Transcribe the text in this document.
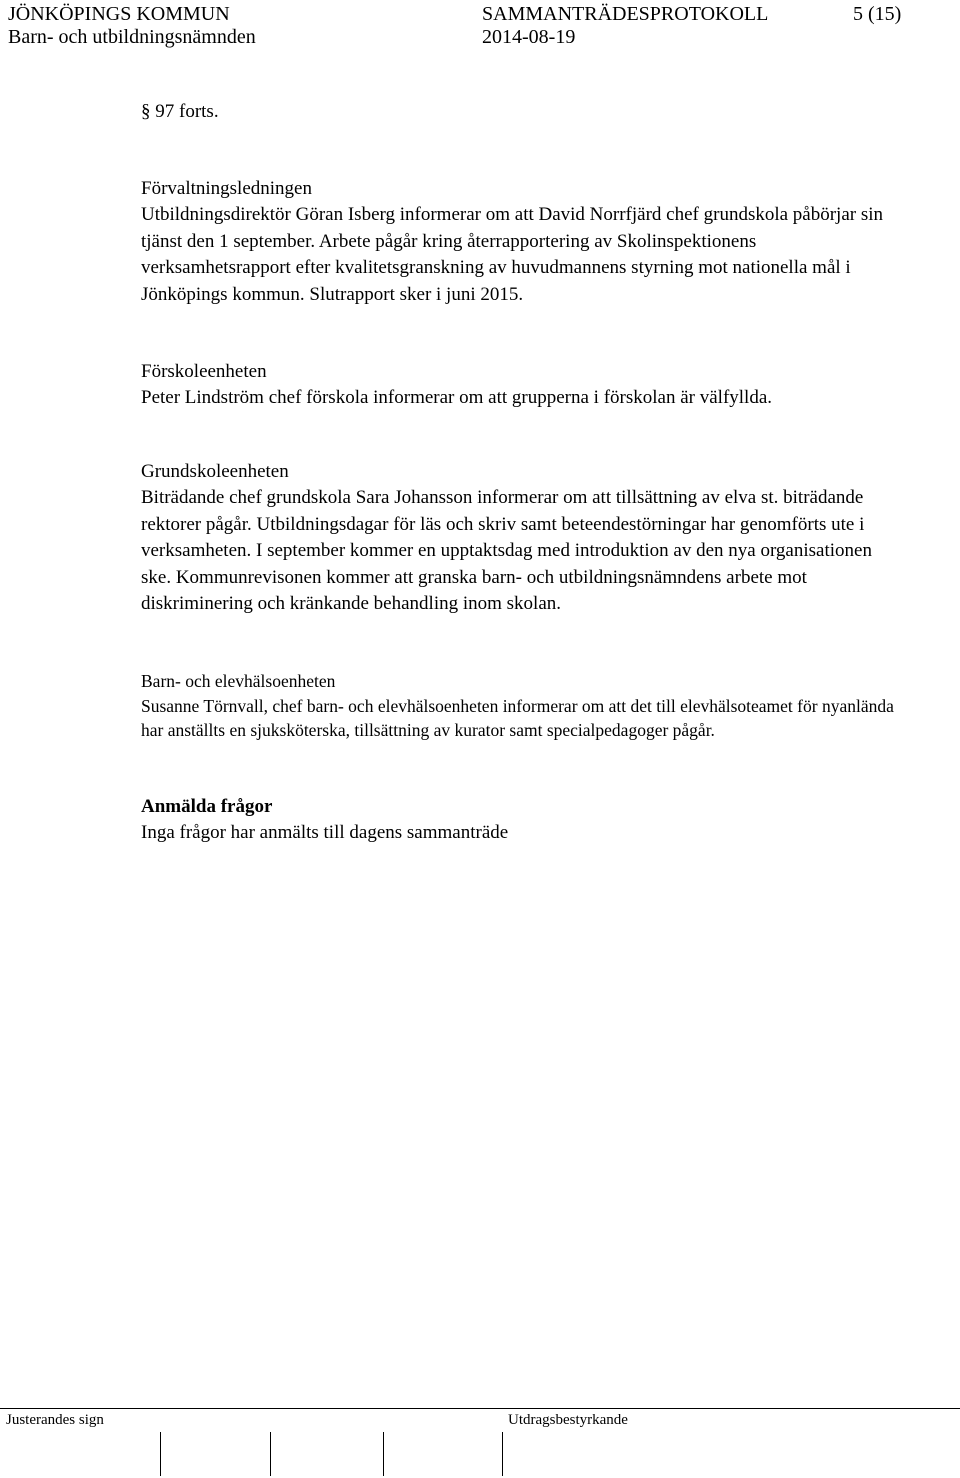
JÖNKÖPINGS KOMMUN	SAMMANTRÄDESPROTOKOLL	5 (15)
Barn- och utbildningsnämnden	2014-08-19

§ 97 forts.

Förvaltningsledningen

Utbildningsdirektör Göran Isberg informerar om att David Norrfjärd chef grundskola påbörjar sin tjänst den 1 september. Arbete pågår kring återrapportering av Skolinspektionens verksamhetsrapport efter kvalitetsgranskning av huvudmannens styrning mot nationella mål i Jönköpings kommun. Slutrapport sker i juni 2015.

Förskoleenheten

Peter Lindström chef förskola informerar om att grupperna i förskolan är välfyllda.

Grundskoleenheten

Biträdande chef grundskola Sara Johansson informerar om att tillsättning av elva st. biträdande rektorer pågår. Utbildningsdagar för läs och skriv samt beteendestörningar har genomförts ute i verksamheten. I september kommer en upptaktsdag med introduktion av den nya organisationen ske. Kommunrevisonen kommer att granska barn- och utbildningsnämndens arbete mot diskriminering och kränkande behandling inom skolan.

Barn- och elevhälsoenheten

Susanne Törnvall, chef barn- och elevhälsoenheten informerar om att det till elevhälsoteamet för nyanlända har anställts en sjuksköterska, tillsättning av kurator samt specialpedagoger pågår.

Anmälda frågor

Inga frågor har anmälts till dagens sammanträde

Justerandes sign	Utdragsbestyrkande
